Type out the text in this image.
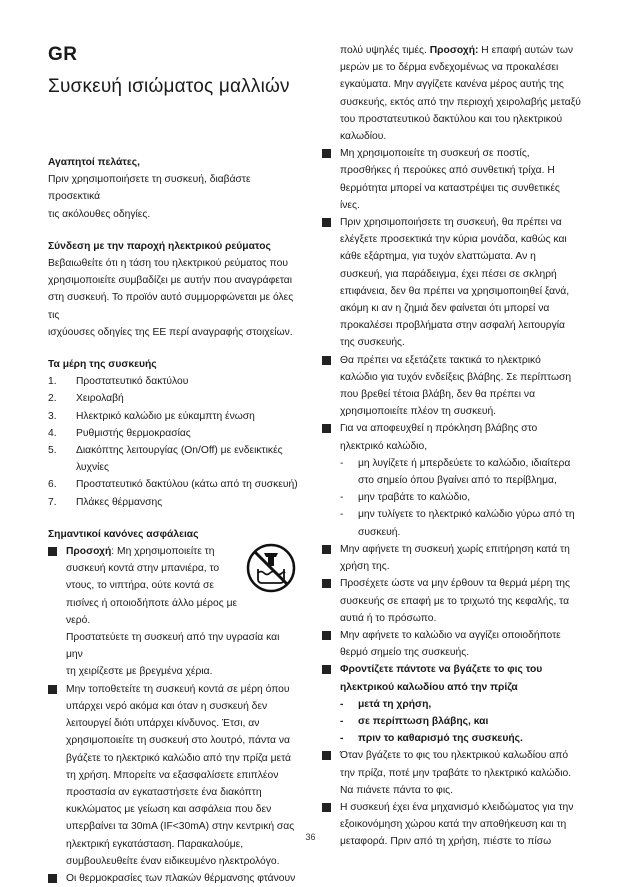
GR
Συσκευή ισιώματος μαλλιών
Αγαπητοί πελάτες,
Πριν χρησιμοποιήσετε τη συσκευή, διαβάστε προσεκτικά
τις ακόλουθες οδηγίες.
Σύνδεση με την παροχή ηλεκτρικού ρεύματος
Βεβαιωθείτε ότι η τάση του ηλεκτρικού ρεύματος που
χρησιμοποιείτε συμβαδίζει με αυτήν που αναγράφεται
στη συσκευή. Το προϊόν αυτό συμμορφώνεται με όλες τις
ισχύουσες οδηγίες της ΕΕ περί αναγραφής στοιχείων.
Τα μέρη της συσκευής
1.	Προστατευτικό δακτύλου
2.	Χειρολαβή
3.	Ηλεκτρικό καλώδιο με εύκαμπτη ένωση
4.	Ρυθμιστής θερμοκρασίας
5.	Διακόπτης λειτουργίας (On/Off) με ενδεικτικές
λυχνίες
6.	Προστατευτικό δακτύλου (κάτω από τη συσκευή)
7.	Πλάκες θέρμανσης
Σημαντικοί κανόνες ασφάλειας
Προσοχή: Μη χρησιμοποιείτε τη
συσκευή κοντά στην μπανιέρα, το
ντους, το νιπτήρα, ούτε κοντά σε
πισίνες ή οποιοδήποτε άλλο μέρος με
νερό.
Προστατεύετε τη συσκευή από την υγρασία και μην
τη χειρίζεστε με βρεγμένα χέρια.
Μην τοποθετείτε τη συσκευή κοντά σε μέρη όπου
υπάρχει νερό ακόμα και όταν η συσκευή δεν
λειτουργεί διότι υπάρχει κίνδυνος. Έτσι, αν
χρησιμοποιείτε τη συσκευή στο λουτρό, πάντα να
βγάζετε το ηλεκτρικό καλώδιο από την πρίζα μετά
τη χρήση. Μπορείτε να εξασφαλίσετε επιπλέον
προστασία αν εγκαταστήσετε ένα διακόπτη
κυκλώματος με γείωση και ασφάλεια που δεν
υπερβαίνει τα 30mA (IF<30mA) στην κεντρική σας
ηλεκτρική εγκατάσταση. Παρακαλούμε,
συμβουλευθείτε έναν ειδικευμένο ηλεκτρολόγο.
Οι θερμοκρασίες των πλακών θέρμανσης φτάνουν
πολύ υψηλές τιμές. Προσοχή: Η επαφή αυτών των
μερών με το δέρμα ενδεχομένως να προκαλέσει
εγκαύματα. Μην αγγίζετε κανένα μέρος αυτής της
συσκευής, εκτός από την περιοχή χειρολαβής μεταξύ
του προστατευτικού δακτύλου και του ηλεκτρικού
καλωδίου.
Μη χρησιμοποιείτε τη συσκευή σε ποστίς,
προσθήκες ή περούκες από συνθετική τρίχα. Η
θερμότητα μπορεί να καταστρέψει τις συνθετικές
ίνες.
Πριν χρησιμοποιήσετε τη συσκευή, θα πρέπει να
ελέγξετε προσεκτικά την κύρια μονάδα, καθώς και
κάθε εξάρτημα, για τυχόν ελαττώματα. Αν η
συσκευή, για παράδειγμα, έχει πέσει σε σκληρή
επιφάνεια, δεν θα πρέπει να χρησιμοποιηθεί ξανά,
ακόμη κι αν η ζημιά δεν φαίνεται ότι μπορεί να
προκαλέσει προβλήματα στην ασφαλή λειτουργία
της συσκευής.
Θα πρέπει να εξετάζετε τακτικά το ηλεκτρικό
καλώδιο για τυχόν ενδείξεις βλάβης. Σε περίπτωση
που βρεθεί τέτοια βλάβη, δεν θα πρέπει να
χρησιμοποιείτε πλέον τη συσκευή.
Για να αποφευχθεί η πρόκληση βλάβης στο
ηλεκτρικό καλώδιο,
-	μη λυγίζετε ή μπερδεύετε το καλώδιο, ιδιαίτερα
στο σημείο όπου βγαίνει από το περίβλημα,
-	μην τραβάτε το καλώδιο,
-	μην τυλίγετε το ηλεκτρικό καλώδιο γύρω από τη
συσκευή.
Μην αφήνετε τη συσκευή χωρίς επιτήρηση κατά τη
χρήση της.
Προσέχετε ώστε να μην έρθουν τα θερμά μέρη της
συσκευής σε επαφή με το τριχωτό της κεφαλής, τα
αυτιά ή το πρόσωπο.
Μην αφήνετε το καλώδιο να αγγίζει οποιοδήποτε
θερμό σημείο της συσκευής.
Φροντίζετε πάντοτε να βγάζετε το φις του
ηλεκτρικού καλωδίου από την πρίζα
-	μετά τη χρήση,
-	σε περίπτωση βλάβης, και
-	πριν το καθαρισμό της συσκευής.
Όταν βγάζετε το φις του ηλεκτρικού καλωδίου από
την πρίζα, ποτέ μην τραβάτε το ηλεκτρικό καλώδιο.
Να πιάνετε πάντα το φις.
Η συσκευή έχει ένα μηχανισμό κλειδώματος για την
εξοικονόμηση χώρου κατά την αποθήκευση και τη
μεταφορά. Πριν από τη χρήση, πιέστε το πίσω
36
